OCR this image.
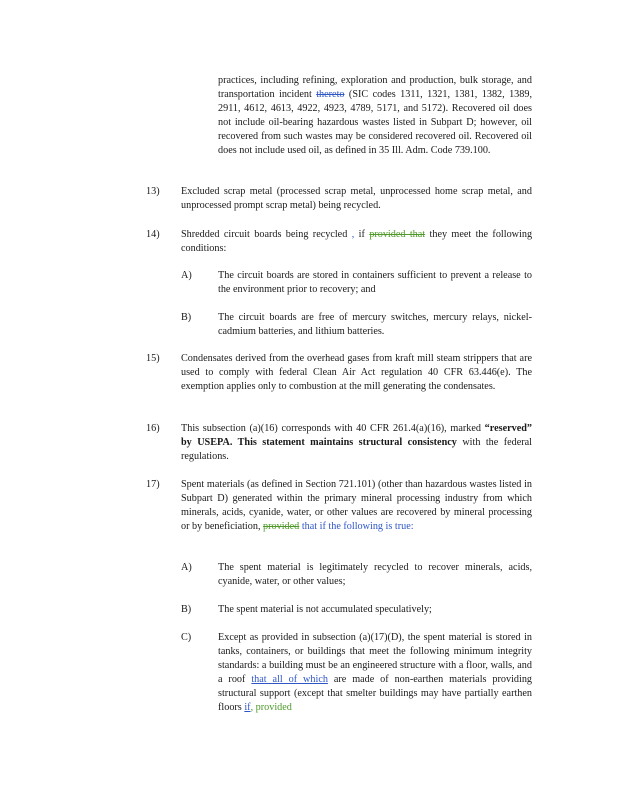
practices, including refining, exploration and production, bulk storage, and transportation incident thereto (SIC codes 1311, 1321, 1381, 1382, 1389, 2911, 4612, 4613, 4922, 4923, 4789, 5171, and 5172). Recovered oil does not include oil-bearing hazardous wastes listed in Subpart D; however, oil recovered from such wastes may be considered recovered oil. Recovered oil does not include used oil, as defined in 35 Ill. Adm. Code 739.100.

13)	Excluded scrap metal (processed scrap metal, unprocessed home scrap metal, and unprocessed prompt scrap metal) being recycled.

14)	Shredded circuit boards being recycled , if provided that they meet the following conditions:

A)	The circuit boards are stored in containers sufficient to prevent a release to the environment prior to recovery; and

B)	The circuit boards are free of mercury switches, mercury relays, nickel-cadmium batteries, and lithium batteries.

15)	Condensates derived from the overhead gases from kraft mill steam strippers that are used to comply with federal Clean Air Act regulation 40 CFR 63.446(e). The exemption applies only to combustion at the mill generating the condensates.

16)	This subsection (a)(16) corresponds with 40 CFR 261.4(a)(16), marked “reserved” by USEPA. This statement maintains structural consistency with the federal regulations.

17)	Spent materials (as defined in Section 721.101) (other than hazardous wastes listed in Subpart D) generated within the primary mineral processing industry from which minerals, acids, cyanide, water, or other values are recovered by mineral processing or by beneficiation, provided that if the following is true:

A)	The spent material is legitimately recycled to recover minerals, acids, cyanide, water, or other values;

B)	The spent material is not accumulated speculatively;

C)	Except as provided in subsection (a)(17)(D), the spent material is stored in tanks, containers, or buildings that meet the following minimum integrity standards: a building must be an engineered structure with a floor, walls, and a roof that all of which are made of non-earthen materials providing structural support (except that smelter buildings may have partially earthen floors if, provided
